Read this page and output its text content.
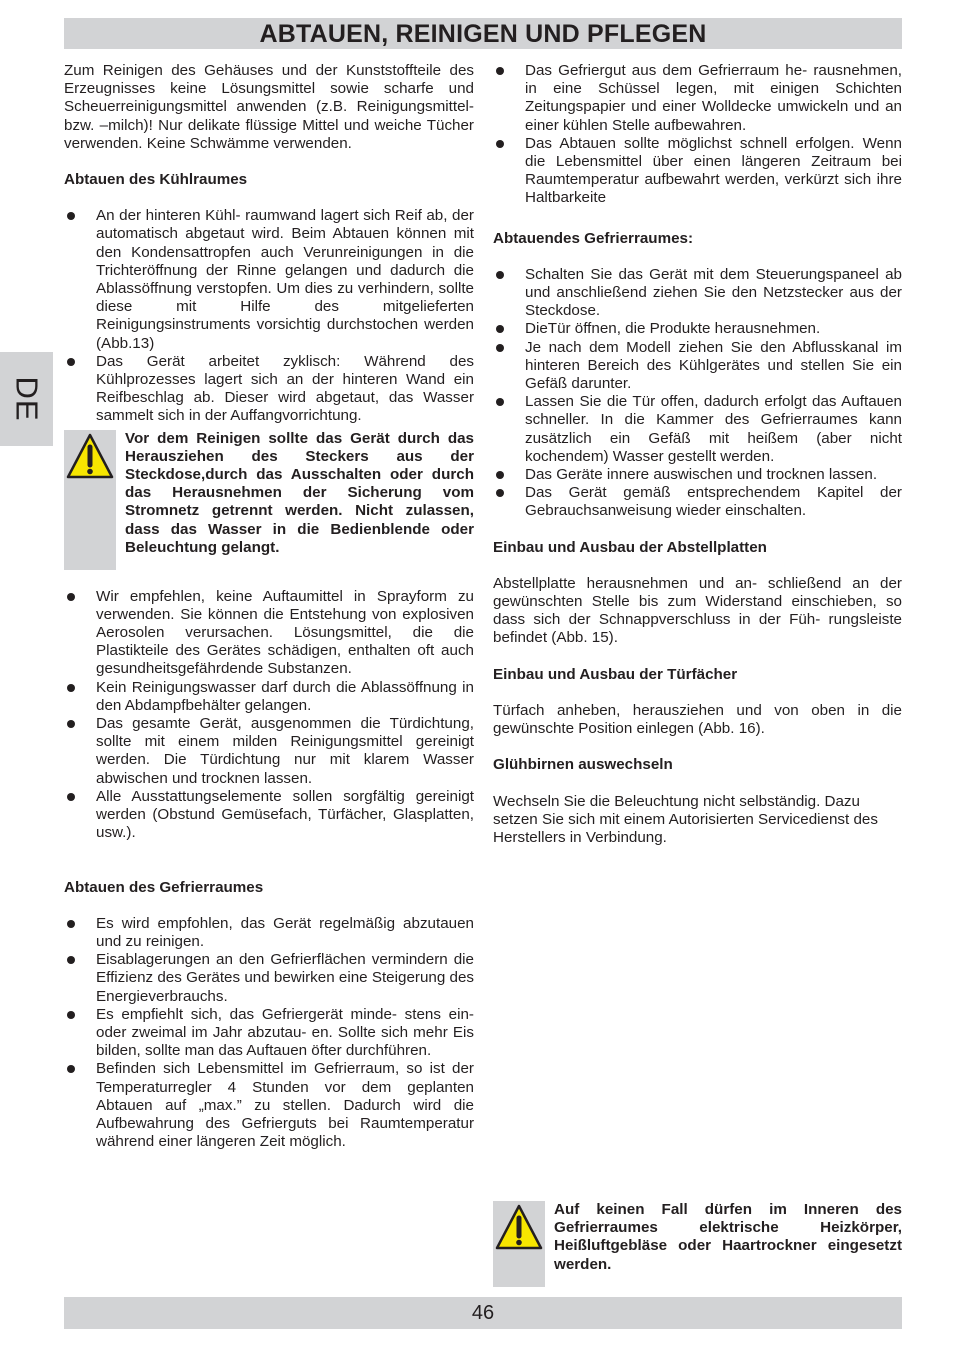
ABTAUEN, REINIGEN UND PFLEGEN
DE

Zum Reinigen des Gehäuses und der Kunststoffteile des Erzeugnisses keine Lösungsmittel sowie scharfe und Scheuerreinigungsmittel anwenden (z.B. Reinigungsmittel- bzw. –milch)! Nur delikate flüssige Mittel und weiche Tücher verwenden. Keine Schwämme verwenden.

Abtauen des Kühlraumes
An der hinteren Kühl- raumwand lagert sich Reif ab, der automatisch abgetaut wird. Beim Abtauen können mit den Kondensattropfen auch Verunreinigungen in die Trichteröffnung der Rinne gelangen und dadurch die Ablassöffnung verstopfen. Um dies zu verhindern, sollte diese mit Hilfe des mitgelieferten Reinigungsinstruments vorsichtig durchstochen werden (Abb.13)
Das Gerät arbeitet zyklisch: Während des Kühlprozesses lagert sich an der hinteren Wand ein Reifbeschlag ab. Dieser wird abgetaut, das Wasser sammelt sich in der Auffangvorrichtung.
Vor dem Reinigen sollte das Gerät durch das Herausziehen des Steckers aus der Steckdose,durch das Ausschalten oder durch das Herausnehmen der Sicherung vom Stromnetz getrennt werden. Nicht zulassen, dass das Wasser in die Bedienblende oder Beleuchtung gelangt.
Wir empfehlen, keine Auftaumittel in Sprayform zu verwenden. Sie können die Entstehung von explosiven Aerosolen verursachen. Lösungsmittel, die die Plastikteile des Gerätes schädigen, enthalten oft auch gesundheitsgefährdende Substanzen.
Kein Reinigungswasser darf durch die Ablassöffnung in den Abdampfbehälter gelangen.
Das gesamte Gerät, ausgenommen die Türdichtung, sollte mit einem milden Reinigungsmittel gereinigt werden. Die Türdichtung nur mit klarem Wasser abwischen und trocknen lassen.
Alle Ausstattungselemente sollen sorgfältig gereinigt werden (Obstund Gemüsefach, Türfächer, Glasplatten, usw.).
Abtauen des Gefrierraumes
Es wird empfohlen, das Gerät regelmäßig abzutauen und zu reinigen.
Eisablagerungen an den Gefrierflächen vermindern die Effizienz des Gerätes und bewirken eine Steigerung des Energieverbrauchs.
Es empfiehlt sich, das Gefriergerät minde- stens ein- oder zweimal im Jahr abzutau- en. Sollte sich mehr Eis bilden, sollte man das Auftauen öfter durchführen.
Befinden sich Lebensmittel im Gefrierraum, so ist der Temperaturregler 4 Stunden vor dem geplanten Abtauen auf „max.” zu stellen. Dadurch wird die Aufbewahrung des Gefrierguts bei Raumtemperatur während einer längeren Zeit möglich.
Das Gefriergut aus dem Gefrierraum he- rausnehmen, in eine Schüssel legen, mit einigen Schichten Zeitungspapier und einer Wolldecke umwickeln und an einer kühlen Stelle aufbewahren.
Das Abtauen sollte möglichst schnell erfolgen. Wenn die Lebensmittel über einen längeren Zeitraum bei Raumtemperatur aufbewahrt werden, verkürzt sich ihre Haltbarkeite
Abtauendes Gefrierraumes:
Schalten Sie das Gerät mit dem Steuerungspaneel ab und anschließend ziehen Sie den Netzstecker aus der Steckdose.
DieTür öffnen, die Produkte herausnehmen.
Je nach dem Modell ziehen Sie den Abflusskanal im hinteren Bereich des Kühlgerätes und stellen Sie ein Gefäß darunter.
Lassen Sie die Tür offen, dadurch erfolgt das Auftauen schneller. In die Kammer des Gefrierraumes kann zusätzlich ein Gefäß mit heißem (aber nicht kochendem) Wasser gestellt werden.
Das Geräte innere auswischen und trocknen lassen.
Das Gerät gemäß entsprechendem Kapitel der Gebrauchsanweisung wieder einschalten.
Einbau und Ausbau der Abstellplatten

Abstellplatte herausnehmen und an- schließend an der gewünschten Stelle bis zum Widerstand einschieben, so dass sich der Schnappverschluss in der Füh- rungsleiste befindet (Abb. 15).

Einbau und Ausbau der Türfächer

Türfach anheben, herausziehen und von oben in die gewünschte Position einlegen (Abb. 16).

Glühbirnen auswechseln

Wechseln Sie die Beleuchtung nicht selbständig. Dazu setzen Sie sich mit einem Autorisierten Servicedienst des Herstellers in Verbindung.

Auf keinen Fall dürfen im Inneren des Gefrierraumes elektrische Heizkörper, Heißluftgebläse oder Haartrockner eingesetzt werden.
46
